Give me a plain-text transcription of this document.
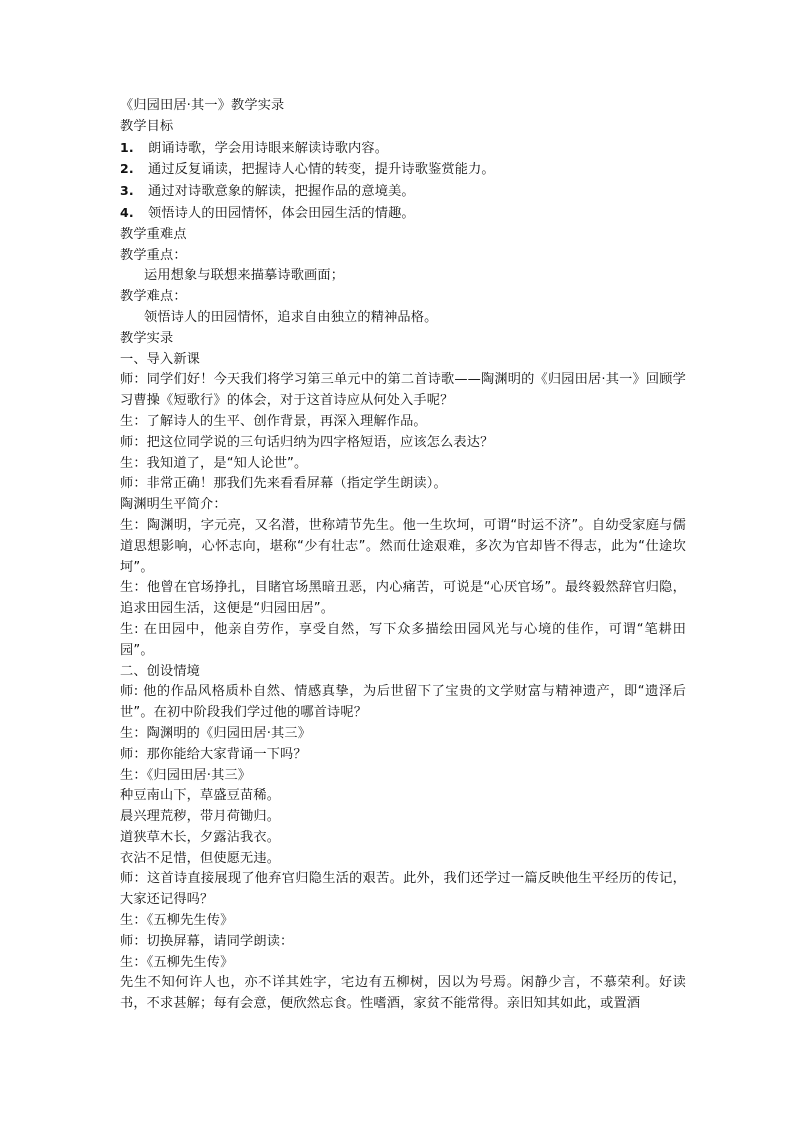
《归园田居·其一》教学实录

教学目标

1.	朗诵诗歌，学会用诗眼来解读诗歌内容。
2.	通过反复诵读，把握诗人心情的转变，提升诗歌鉴赏能力。
3.	通过对诗歌意象的解读，把握作品的意境美。
4.	领悟诗人的田园情怀，体会田园生活的情趣。

教学重难点

教学重点：

运用想象与联想来描摹诗歌画面；

教学难点：

领悟诗人的田园情怀，追求自由独立的精神品格。

教学实录

一、导入新课

师：同学们好！今天我们将学习第三单元中的第二首诗歌——陶渊明的《归园田居·其一》回顾学习曹操《短歌行》的体会，对于这首诗应从何处入手呢？

生：了解诗人的生平、创作背景，再深入理解作品。

师：把这位同学说的三句话归纳为四字格短语，应该怎么表达？

生：我知道了，是“知人论世”。

师：非常正确！那我们先来看看屏幕（指定学生朗读）。

陶渊明生平简介：

生：陶渊明，字元亮，又名潜，世称靖节先生。他一生坎坷，可谓“时运不济”。自幼受家庭与儒道思想影响，心怀志向，堪称“少有壮志”。然而仕途艰难，多次为官却皆不得志，此为“仕途坎坷”。

生：他曾在官场挣扎，目睹官场黑暗丑恶，内心痛苦，可说是“心厌官场”。最终毅然辞官归隐，追求田园生活，这便是“归园田居”。

生: 在田园中，他亲自劳作，享受自然，写下众多描绘田园风光与心境的佳作，可谓“笔耕田园”。

二、创设情境

师: 他的作品风格质朴自然、情感真挚，为后世留下了宝贵的文学财富与精神遗产，即“遗泽后世”。在初中阶段我们学过他的哪首诗呢？

生：陶渊明的《归园田居·其三》

师：那你能给大家背诵一下吗？

生：《归园田居·其三》

种豆南山下，草盛豆苗稀。

晨兴理荒秽，带月荷锄归。

道狭草木长，夕露沾我衣。

衣沾不足惜，但使愿无违。

师：这首诗直接展现了他弃官归隐生活的艰苦。此外，我们还学过一篇反映他生平经历的传记，大家还记得吗？

生：《五柳先生传》

师：切换屏幕，请同学朗读：

生：《五柳先生传》

先生不知何许人也，亦不详其姓字，宅边有五柳树，因以为号焉。闲静少言，不慕荣利。好读书，不求甚解；每有会意，便欣然忘食。性嗜酒，家贫不能常得。亲旧知其如此，或置酒
